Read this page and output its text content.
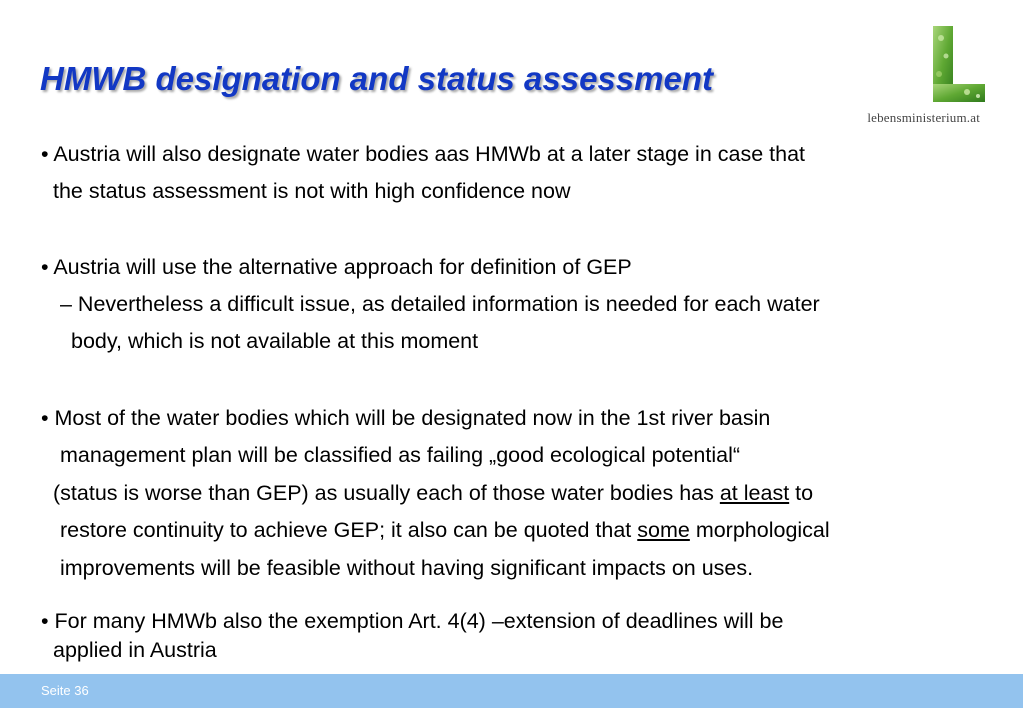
HMWB designation and status assessment
lebensministerium.at
• Austria will also designate water bodies aas HMWb at a later stage in case that
the status assessment is not with high confidence now
• Austria will use the alternative approach for definition of GEP
– Nevertheless a difficult issue, as detailed information is needed for each water
body, which is not available at this moment
• Most of the water bodies which will be designated now in the 1st river basin
management plan will be classified as failing „good ecological potential“
(status is worse than GEP) as usually each of those water bodies has at least to
restore continuity to achieve GEP; it also can be quoted that some morphological
improvements will be feasible without having significant impacts on uses.
• For many HMWb also the exemption Art. 4(4) –extension of deadlines will be
applied in Austria
Seite 36
